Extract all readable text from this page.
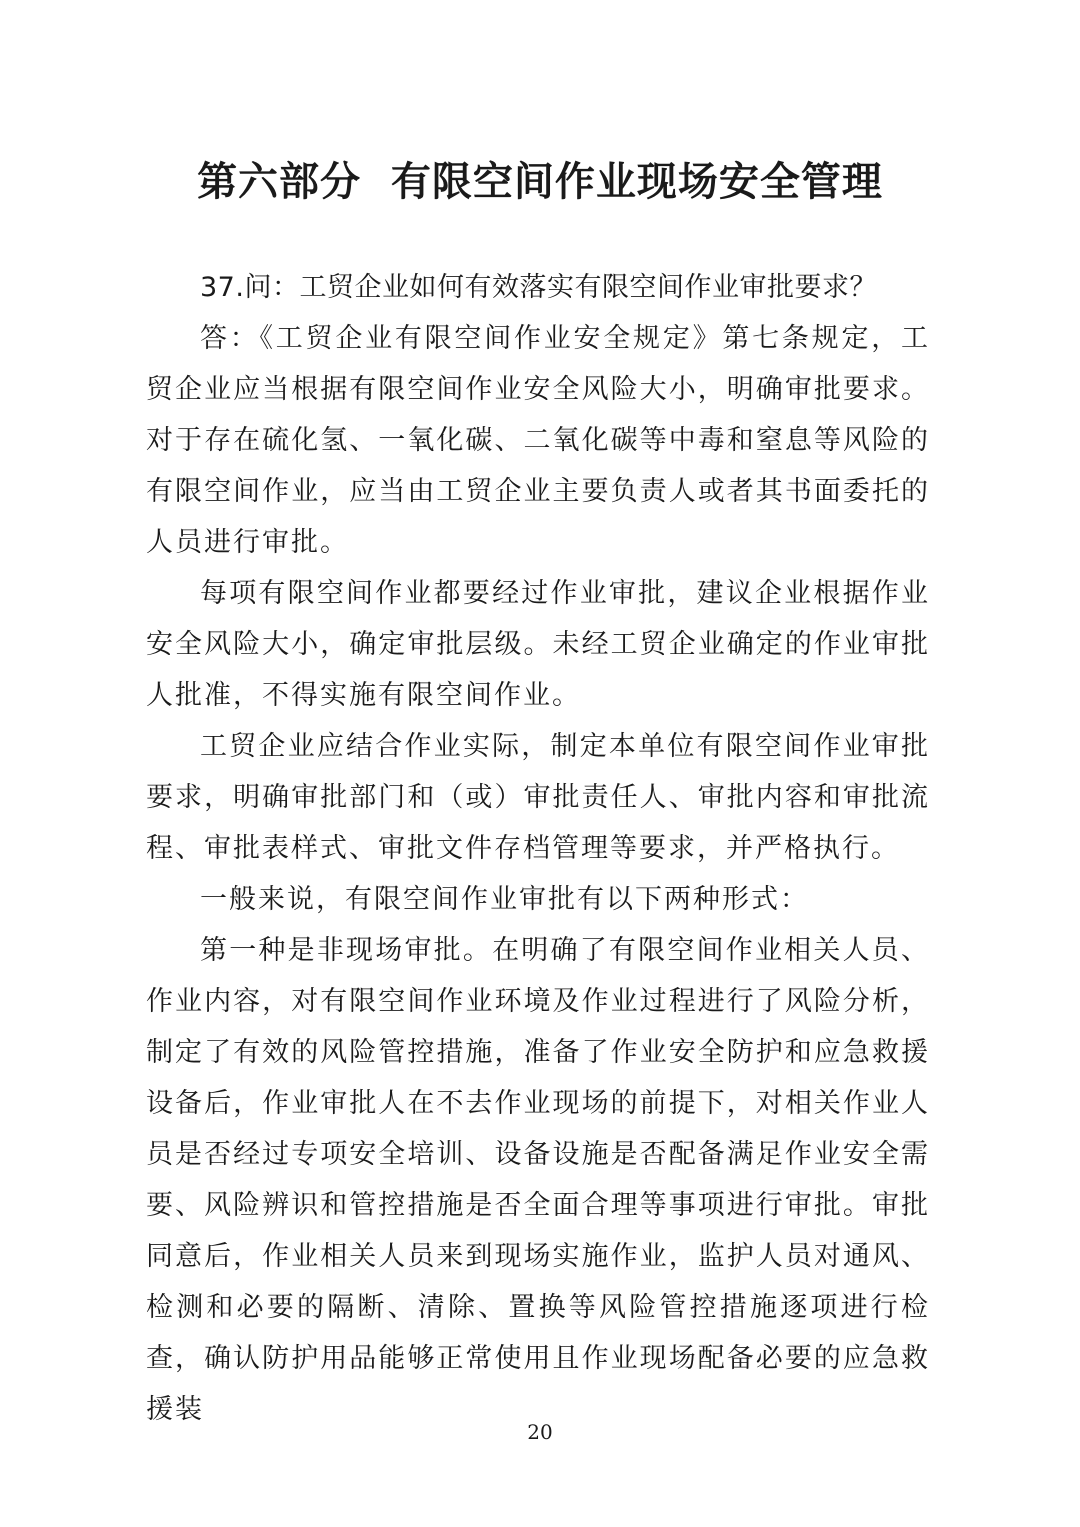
第六部分  有限空间作业现场安全管理

37.问：工贸企业如何有效落实有限空间作业审批要求？

答：《工贸企业有限空间作业安全规定》第七条规定，工贸企业应当根据有限空间作业安全风险大小，明确审批要求。对于存在硫化氢、一氧化碳、二氧化碳等中毒和窒息等风险的有限空间作业，应当由工贸企业主要负责人或者其书面委托的人员进行审批。

每项有限空间作业都要经过作业审批，建议企业根据作业安全风险大小，确定审批层级。未经工贸企业确定的作业审批人批准，不得实施有限空间作业。

工贸企业应结合作业实际，制定本单位有限空间作业审批要求，明确审批部门和（或）审批责任人、审批内容和审批流程、审批表样式、审批文件存档管理等要求，并严格执行。

一般来说，有限空间作业审批有以下两种形式：

第一种是非现场审批。在明确了有限空间作业相关人员、作业内容，对有限空间作业环境及作业过程进行了风险分析，制定了有效的风险管控措施，准备了作业安全防护和应急救援设备后，作业审批人在不去作业现场的前提下，对相关作业人员是否经过专项安全培训、设备设施是否配备满足作业安全需要、风险辨识和管控措施是否全面合理等事项进行审批。审批同意后，作业相关人员来到现场实施作业，监护人员对通风、检测和必要的隔断、清除、置换等风险管控措施逐项进行检查，确认防护用品能够正常使用且作业现场配备必要的应急救援装

20
